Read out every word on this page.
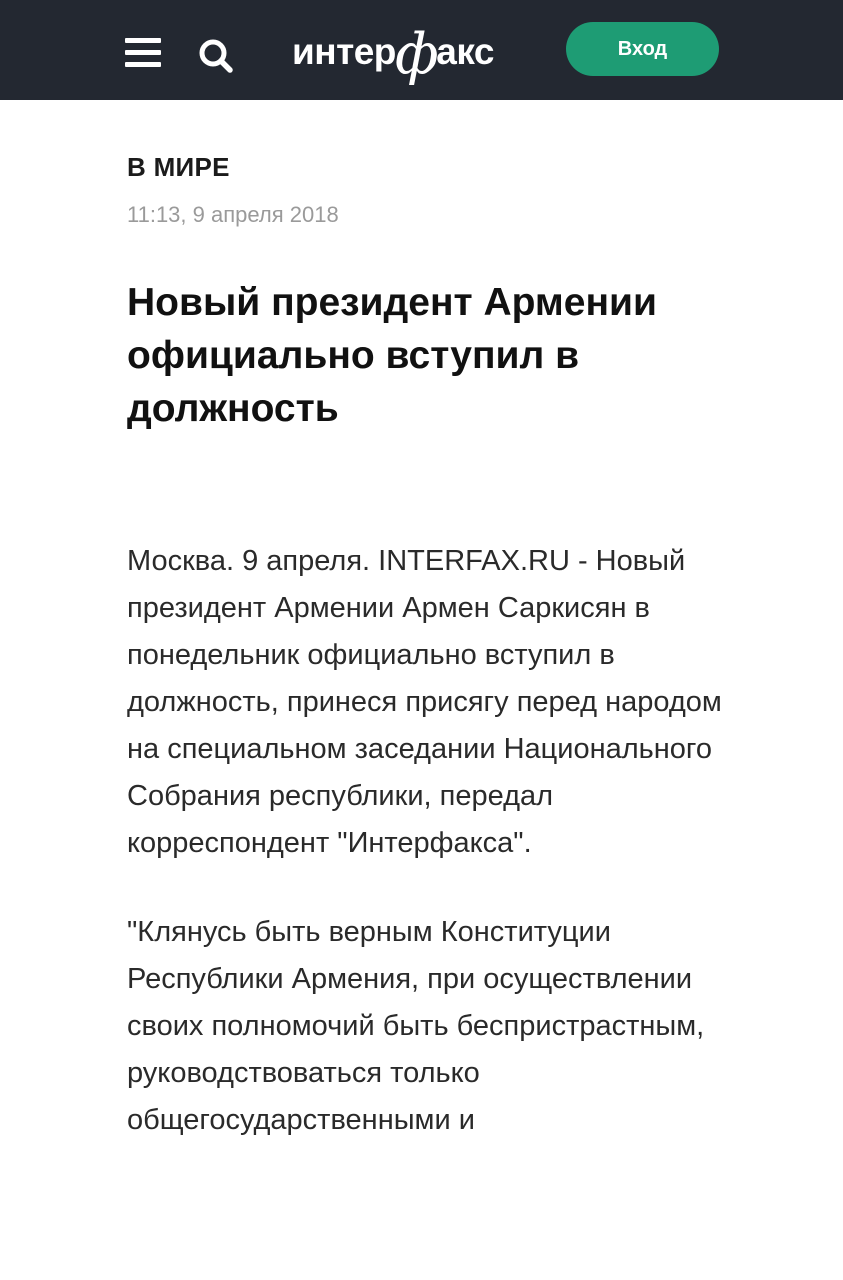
интер ф
акс	Вход
В МИРЕ
11:13, 9 апреля 2018
Новый президент Армении официально вступил в должность

Москва. 9 апреля. INTERFAX.RU - Новый президент Армении Армен Саркисян в понедельник официально вступил в должность, принеся присягу перед народом на специальном заседании Национального Собрания республики, передал корреспондент "Интерфакса".

"Клянусь быть верным Конституции Республики Армения, при осуществлении своих полномочий быть беспристрастным, руководствоваться только общегосударственными и
